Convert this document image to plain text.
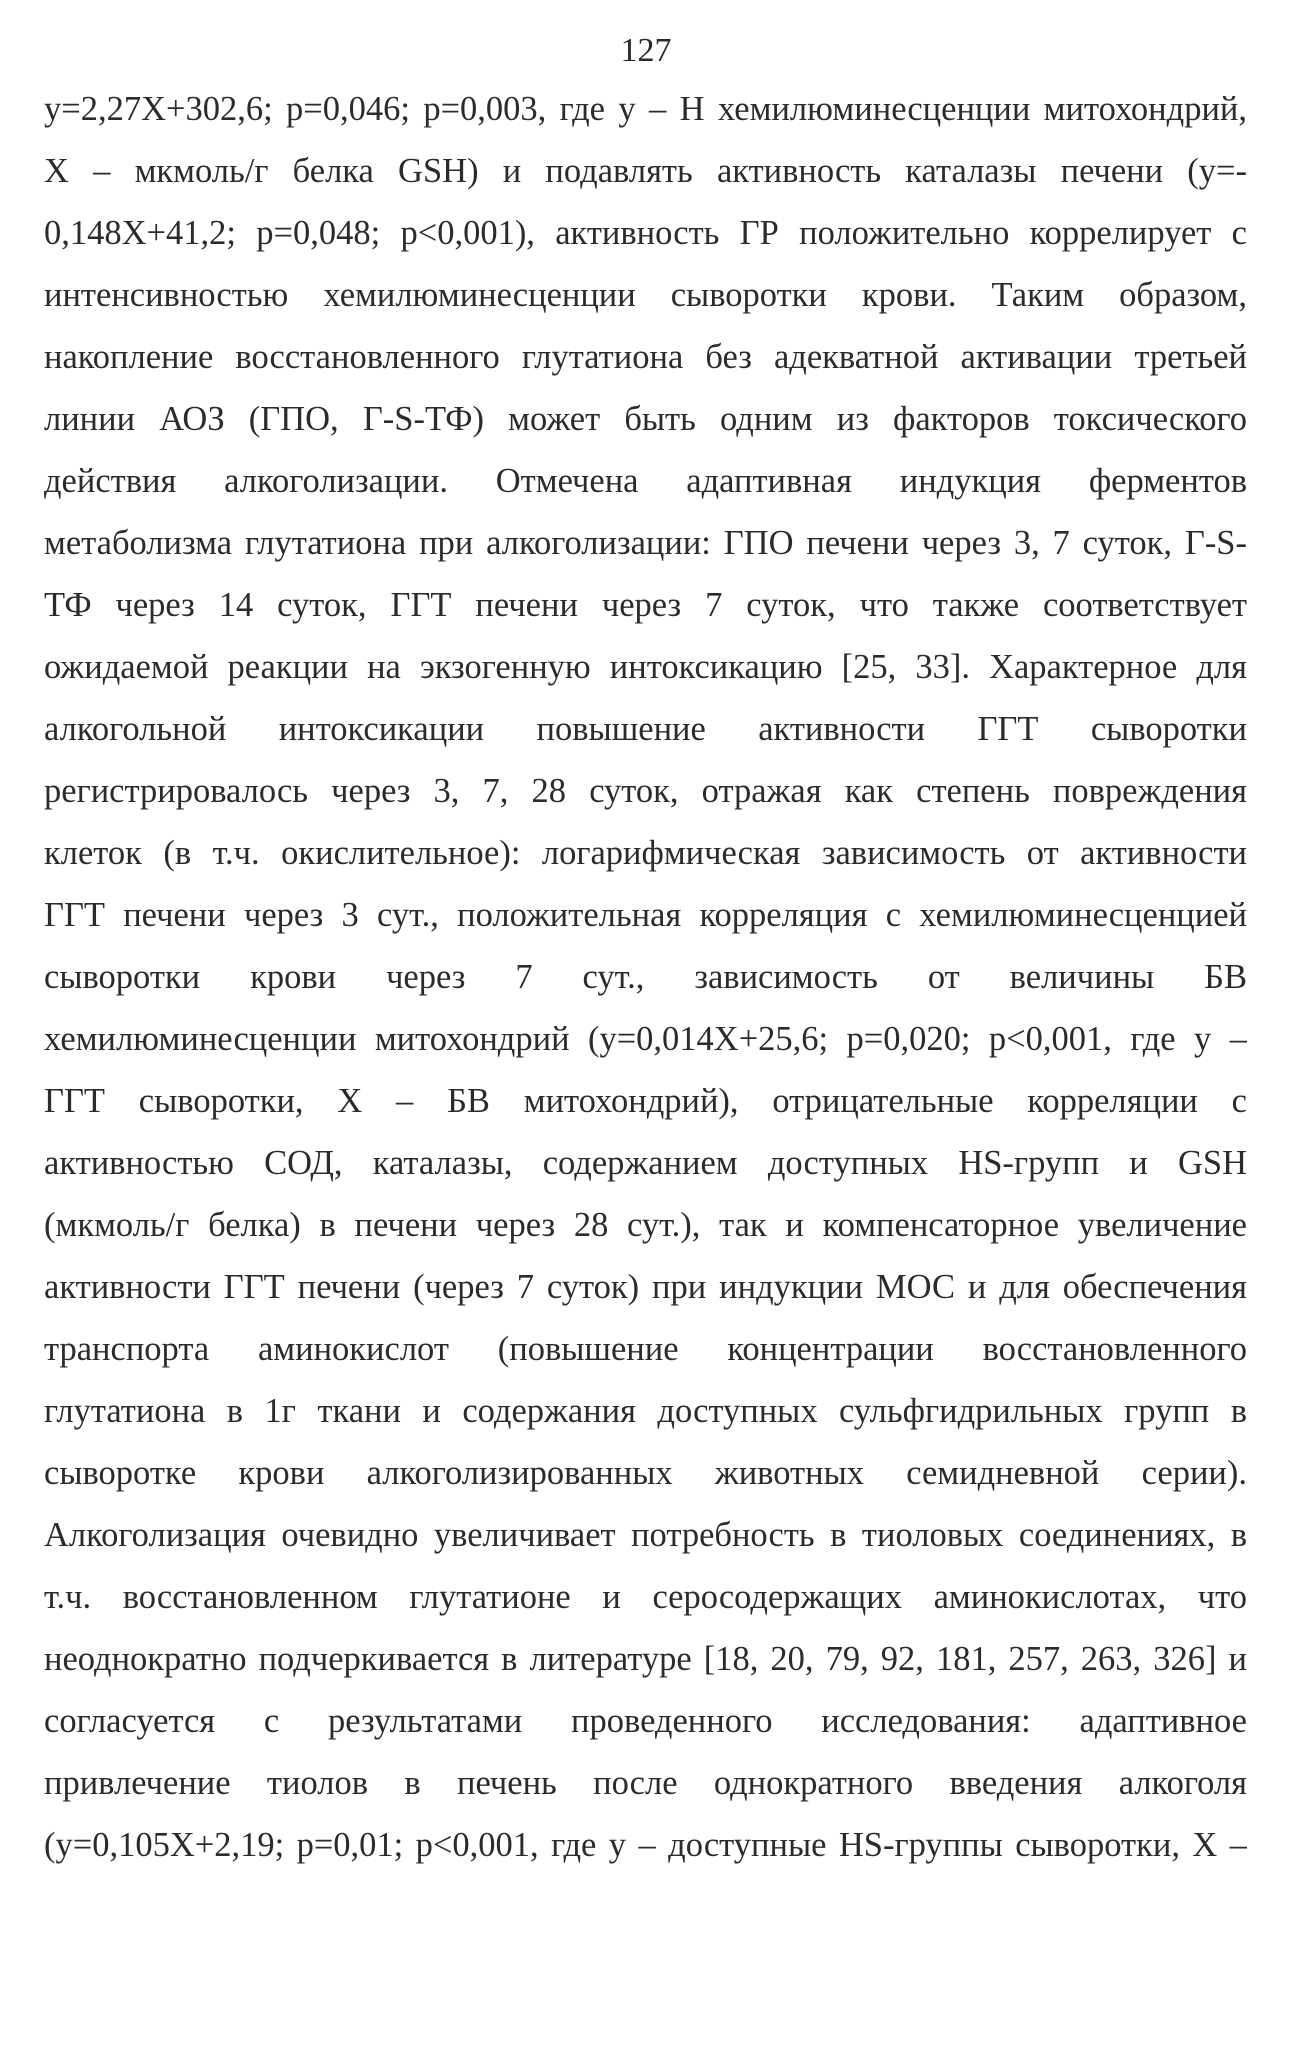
127
y=2,27X+302,6; p=0,046; p=0,003, где у – Н хемилюминесценции митохондрий,
X – мкмоль/г белка GSH) и подавлять активность каталазы печени (y=-
0,148X+41,2; p=0,048; p<0,001), активность ГР положительно коррелирует с
интенсивностью хемилюминесценции сыворотки крови. Таким образом,
накопление восстановленного глутатиона без адекватной активации третьей
линии АОЗ (ГПО, Г-S-ТФ) может быть одним из факторов токсического
действия алкоголизации. Отмечена адаптивная индукция ферментов
метаболизма глутатиона при алкоголизации: ГПО печени через 3, 7 суток, Г-S-
ТФ через 14 суток, ГГТ печени через 7 суток, что также соответствует
ожидаемой реакции на экзогенную интоксикацию [25, 33]. Характерное для
алкогольной интоксикации повышение активности ГГТ сыворотки
регистрировалось через 3, 7, 28 суток, отражая как степень повреждения
клеток (в т.ч. окислительное): логарифмическая зависимость от активности
ГГТ печени через 3 сут., положительная корреляция с хемилюминесценцией
сыворотки крови через 7 сут., зависимость от величины БВ
хемилюминесценции митохондрий (y=0,014X+25,6; p=0,020; p<0,001, где у –
ГГТ сыворотки, X – БВ митохондрий), отрицательные корреляции с
активностью СОД, каталазы, содержанием доступных HS-групп и GSH
(мкмоль/г белка) в печени через 28 сут.), так и компенсаторное увеличение
активности ГГТ печени (через 7 суток) при индукции МОС и для обеспечения
транспорта аминокислот (повышение концентрации восстановленного
глутатиона в 1г ткани и содержания доступных сульфгидрильных групп в
сыворотке крови алкоголизированных животных семидневной серии).
Алкоголизация очевидно увеличивает потребность в тиоловых соединениях, в
т.ч. восстановленном глутатионе и серосодержащих аминокислотах, что
неоднократно подчеркивается в литературе [18, 20, 79, 92, 181, 257, 263, 326] и
согласуется с результатами проведенного исследования: адаптивное
привлечение тиолов в печень после однократного введения алкоголя
(y=0,105X+2,19; p=0,01; p<0,001, где у – доступные HS-группы сыворотки, X –
